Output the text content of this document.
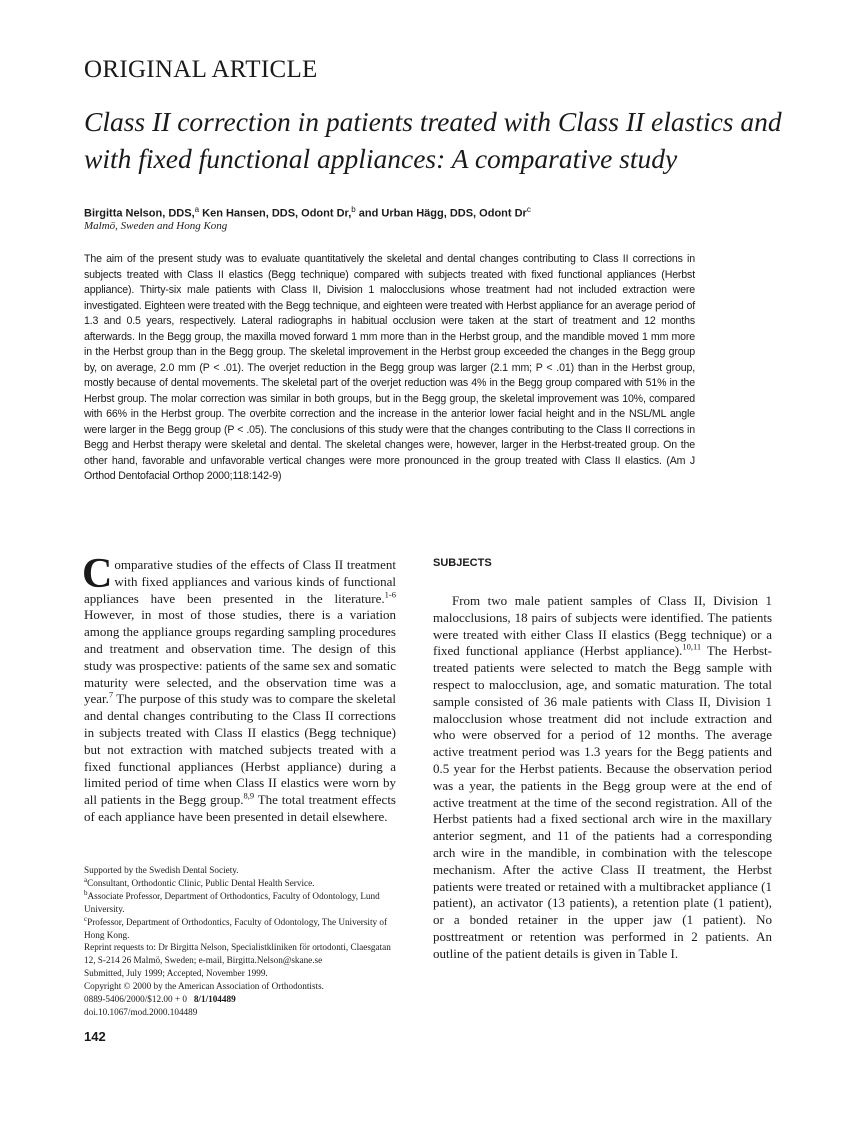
ORIGINAL ARTICLE
Class II correction in patients treated with Class II elastics and with fixed functional appliances: A comparative study
Birgitta Nelson, DDS,$^a$ Ken Hansen, DDS, Odont Dr,$^b$ and Urban Hägg, DDS, Odont Dr$^c$
Malmö, Sweden and Hong Kong
The aim of the present study was to evaluate quantitatively the skeletal and dental changes contributing to Class II corrections in subjects treated with Class II elastics (Begg technique) compared with subjects treated with fixed functional appliances (Herbst appliance). Thirty-six male patients with Class II, Division 1 malocclusions whose treatment had not included extraction were investigated. Eighteen were treated with the Begg technique, and eighteen were treated with Herbst appliance for an average period of 1.3 and 0.5 years, respectively. Lateral radiographs in habitual occlusion were taken at the start of treatment and 12 months afterwards. In the Begg group, the maxilla moved forward 1 mm more than in the Herbst group, and the mandible moved 1 mm more in the Herbst group than in the Begg group. The skeletal improvement in the Herbst group exceeded the changes in the Begg group by, on average, 2.0 mm (P < .01). The overjet reduction in the Begg group was larger (2.1 mm; P < .01) than in the Herbst group, mostly because of dental movements. The skeletal part of the overjet reduction was 4% in the Begg group compared with 51% in the Herbst group. The molar correction was similar in both groups, but in the Begg group, the skeletal improvement was 10%, compared with 66% in the Herbst group. The overbite correction and the increase in the anterior lower facial height and in the NSL/ML angle were larger in the Begg group (P < .05). The conclusions of this study were that the changes contributing to the Class II corrections in Begg and Herbst therapy were skeletal and dental. The skeletal changes were, however, larger in the Herbst-treated group. On the other hand, favorable and unfavorable vertical changes were more pronounced in the group treated with Class II elastics. (Am J Orthod Dentofacial Orthop 2000;118:142-9)

Comparative studies of the effects of Class II treatment with fixed appliances and various kinds of functional appliances have been presented in the literature.$^{1-6}$ However, in most of those studies, there is a variation among the appliance groups regarding sampling procedures and treatment and observation time. The design of this study was prospective: patients of the same sex and somatic maturity were selected, and the observation time was a year.$^7$ The purpose of this study was to compare the skeletal and dental changes contributing to the Class II corrections in subjects treated with Class II elastics (Begg technique) but not extraction with matched subjects treated with a fixed functional appliances (Herbst appliance) during a limited period of time when Class II elastics were worn by all patients in the Begg group.$^{8,9}$ The total treatment effects of each appliance have been presented in detail elsewhere.

Supported by the Swedish Dental Society.
$^a$Consultant, Orthodontic Clinic, Public Dental Health Service.
$^b$Associate Professor, Department of Orthodontics, Faculty of Odontology, Lund University.
$^c$Professor, Department of Orthodontics, Faculty of Odontology, The University of Hong Kong.
Reprint requests to: Dr Birgitta Nelson, Specialistkliniken för ortodonti, Claesgatan 12, S-214 26 Malmö, Sweden; e-mail, Birgitta.Nelson@skane.se
Submitted, July 1999; Accepted, November 1999.
Copyright © 2000 by the American Association of Orthodontists.
0889-5406/2000/$12.00 + 0 8/1/104489
doi.10.1067/mod.2000.104489
142
SUBJECTS

From two male patient samples of Class II, Division 1 malocclusions, 18 pairs of subjects were identified. The patients were treated with either Class II elastics (Begg technique) or a fixed functional appliance (Herbst appliance).$^{10,11}$ The Herbst-treated patients were selected to match the Begg sample with respect to malocclusion, age, and somatic maturation. The total sample consisted of 36 male patients with Class II, Division 1 malocclusion whose treatment did not include extraction and who were observed for a period of 12 months. The average active treatment period was 1.3 years for the Begg patients and 0.5 year for the Herbst patients. Because the observation period was a year, the patients in the Begg group were at the end of active treatment at the time of the second registration. All of the Herbst patients had a fixed sectional arch wire in the maxillary anterior segment, and 11 of the patients had a corresponding arch wire in the mandible, in combination with the telescope mechanism. After the active Class II treatment, the Herbst patients were treated or retained with a multibracket appliance (1 patient), an activator (13 patients), a retention plate (1 patient), or a bonded retainer in the upper jaw (1 patient). No posttreatment or retention was performed in 2 patients. An outline of the patient details is given in Table I.
